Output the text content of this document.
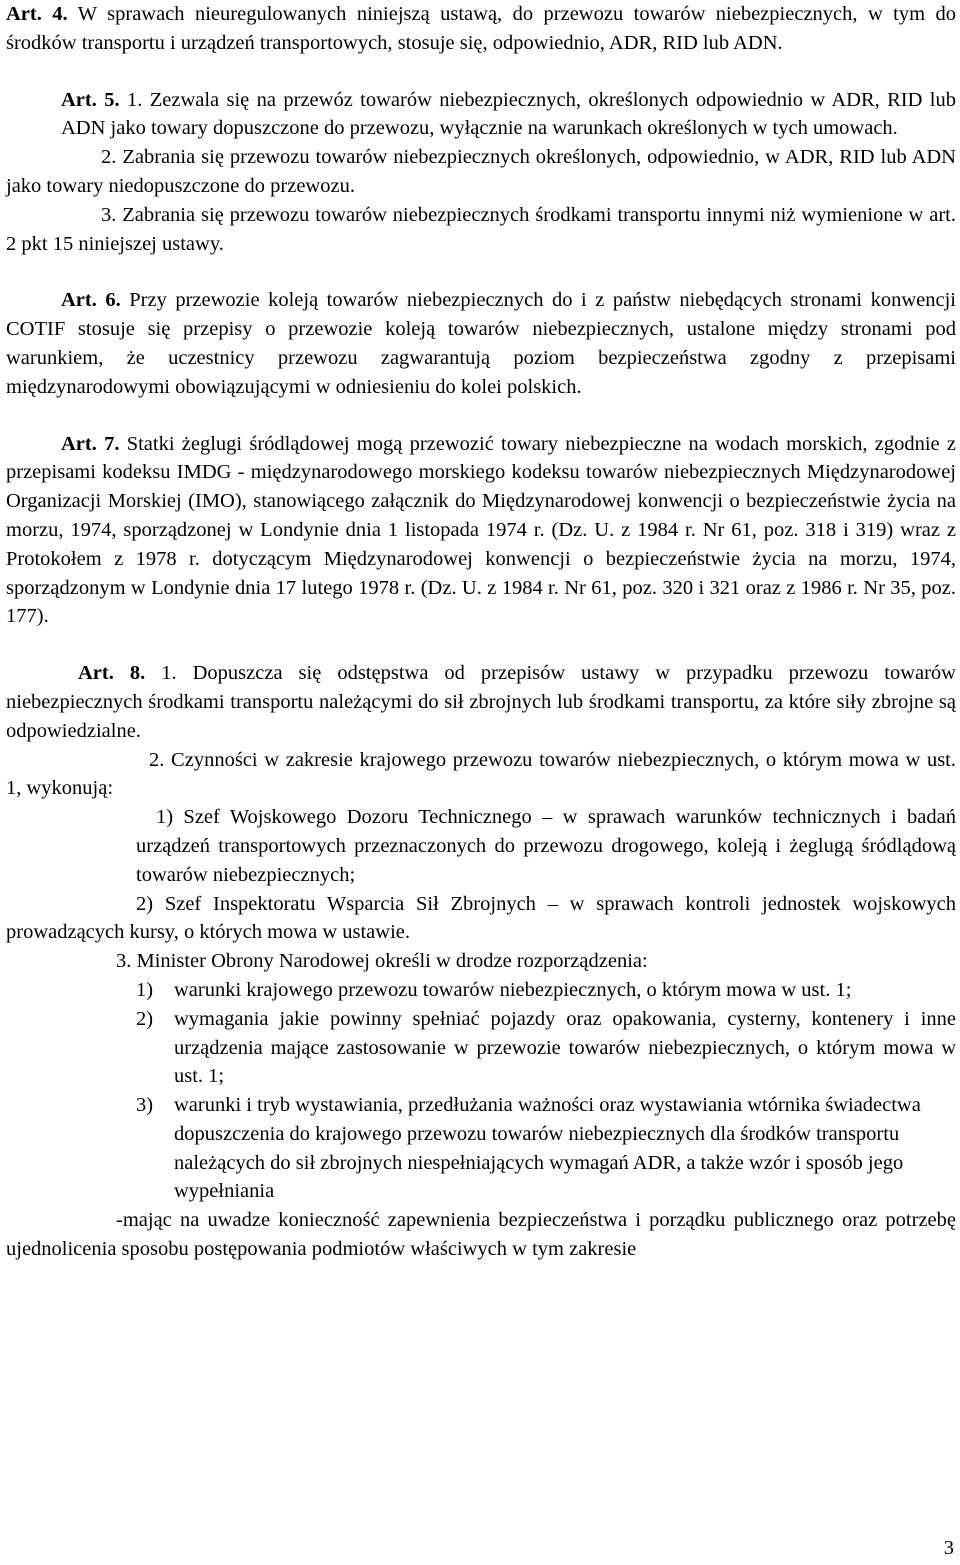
Art. 4. W sprawach nieuregulowanych niniejszą ustawą, do przewozu towarów niebezpiecznych, w tym do środków transportu i urządzeń transportowych, stosuje się, odpowiednio, ADR, RID lub ADN.

Art. 5. 1. Zezwala się na przewóz towarów niebezpiecznych, określonych odpowiednio w ADR, RID lub ADN jako towary dopuszczone do przewozu, wyłącznie na warunkach określonych w tych umowach.

2. Zabrania się przewozu towarów niebezpiecznych określonych, odpowiednio, w ADR, RID lub ADN jako towary niedopuszczone do przewozu.

3. Zabrania się przewozu towarów niebezpiecznych środkami transportu innymi niż wymienione w art. 2 pkt 15 niniejszej ustawy.

Art. 6. Przy przewozie koleją towarów niebezpiecznych do i z państw niebędących stronami konwencji COTIF stosuje się przepisy o przewozie koleją towarów niebezpiecznych, ustalone między stronami pod warunkiem, że uczestnicy przewozu zagwarantują poziom bezpieczeństwa zgodny z przepisami międzynarodowymi obowiązującymi w odniesieniu do kolei polskich.

Art. 7. Statki żeglugi śródlądowej mogą przewozić towary niebezpieczne na wodach morskich, zgodnie z przepisami kodeksu IMDG - międzynarodowego morskiego kodeksu towarów niebezpiecznych Międzynarodowej Organizacji Morskiej (IMO), stanowiącego załącznik do Międzynarodowej konwencji o bezpieczeństwie życia na morzu, 1974, sporządzonej w Londynie dnia 1 listopada 1974 r. (Dz. U. z 1984 r. Nr 61, poz. 318 i 319) wraz z Protokołem z 1978 r. dotyczącym Międzynarodowej konwencji o bezpieczeństwie życia na morzu, 1974, sporządzonym w Londynie dnia 17 lutego 1978 r. (Dz. U. z 1984 r. Nr 61, poz. 320 i 321 oraz z 1986 r. Nr 35, poz. 177).

Art. 8. 1. Dopuszcza się odstępstwa od przepisów ustawy w przypadku przewozu towarów niebezpiecznych środkami transportu należącymi do sił zbrojnych lub środkami transportu, za które siły zbrojne są odpowiedzialne.

2. Czynności w zakresie krajowego przewozu towarów niebezpiecznych, o którym mowa w ust. 1, wykonują:

1) Szef Wojskowego Dozoru Technicznego – w sprawach warunków technicznych i badań urządzeń transportowych przeznaczonych do przewozu drogowego, koleją i żeglugą śródlądową towarów niebezpiecznych;

2) Szef Inspektoratu Wsparcia Sił Zbrojnych – w sprawach kontroli jednostek wojskowych prowadzących kursy, o których mowa w ustawie.

3. Minister Obrony Narodowej określi w drodze rozporządzenia:

1)	warunki krajowego przewozu towarów niebezpiecznych, o którym mowa w ust. 1;
2)	wymagania jakie powinny spełniać pojazdy oraz opakowania, cysterny, kontenery i inne urządzenia mające zastosowanie w przewozie towarów niebezpiecznych, o którym mowa w ust. 1;
3)	warunki i tryb wystawiania, przedłużania ważności oraz wystawiania wtórnika świadectwa dopuszczenia do krajowego przewozu towarów niebezpiecznych dla środków transportu należących do sił zbrojnych niespełniających wymagań ADR, a także wzór i sposób jego wypełniania

-mając na uwadze konieczność zapewnienia bezpieczeństwa i porządku publicznego oraz potrzebę ujednolicenia sposobu postępowania podmiotów właściwych w tym zakresie

3
